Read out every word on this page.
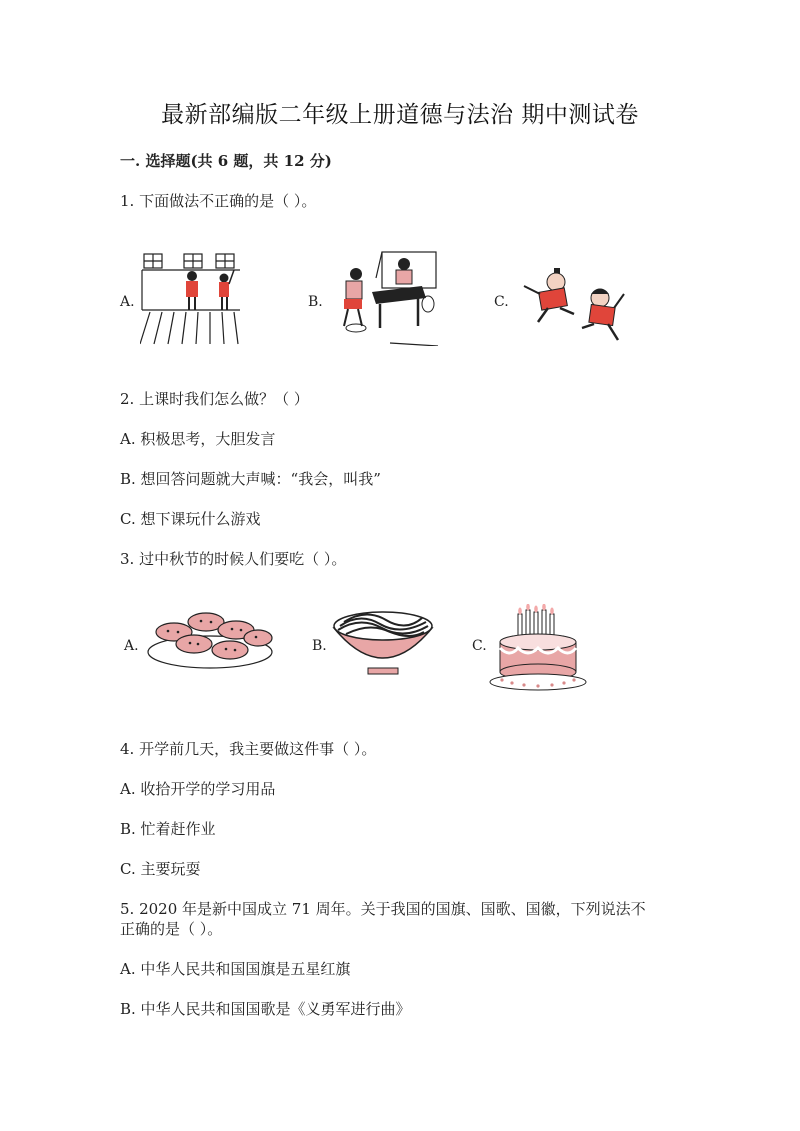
最新部编版二年级上册道德与法治 期中测试卷
一. 选择题(共 6 题，共 12 分)
1. 下面做法不正确的是（ ）。
A.	B.	C.
2. 上课时我们怎么做？（ ）
A. 积极思考，大胆发言
B. 想回答问题就大声喊：“我会，叫我”
C. 想下课玩什么游戏
3. 过中秋节的时候人们要吃（ ）。
A.	B.	C.
4. 开学前几天，我主要做这件事（ ）。
A. 收拾开学的学习用品
B. 忙着赶作业
C. 主要玩耍
5. 2020 年是新中国成立 71 周年。关于我国的国旗、国歌、国徽，下列说法不
正确的是（ ）。
A. 中华人民共和国国旗是五星红旗
B. 中华人民共和国国歌是《义勇军进行曲》
